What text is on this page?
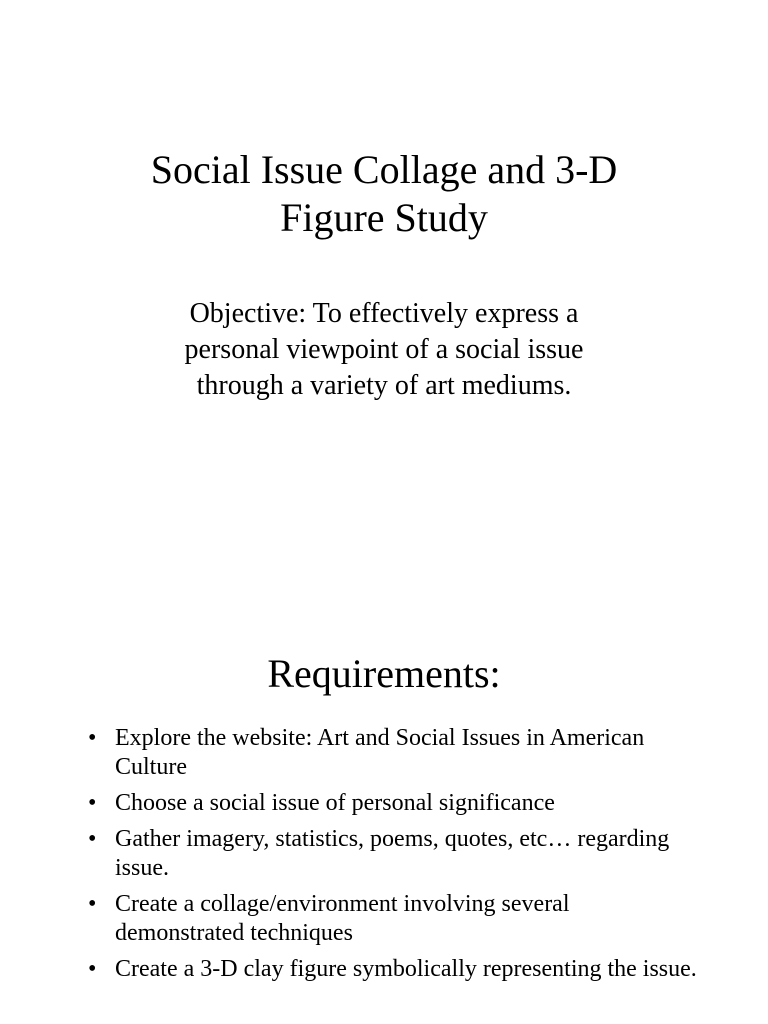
Social Issue Collage and 3-D
Figure Study

Objective: To effectively express a
personal viewpoint of a social issue
through a variety of art mediums.

Requirements:
• Explore the website: Art and Social Issues in American Culture
• Choose a social issue of personal significance
• Gather imagery, statistics, poems, quotes, etc… regarding issue.
• Create a collage/environment involving several demonstrated techniques
• Create a 3-D clay figure symbolically representing the issue.
